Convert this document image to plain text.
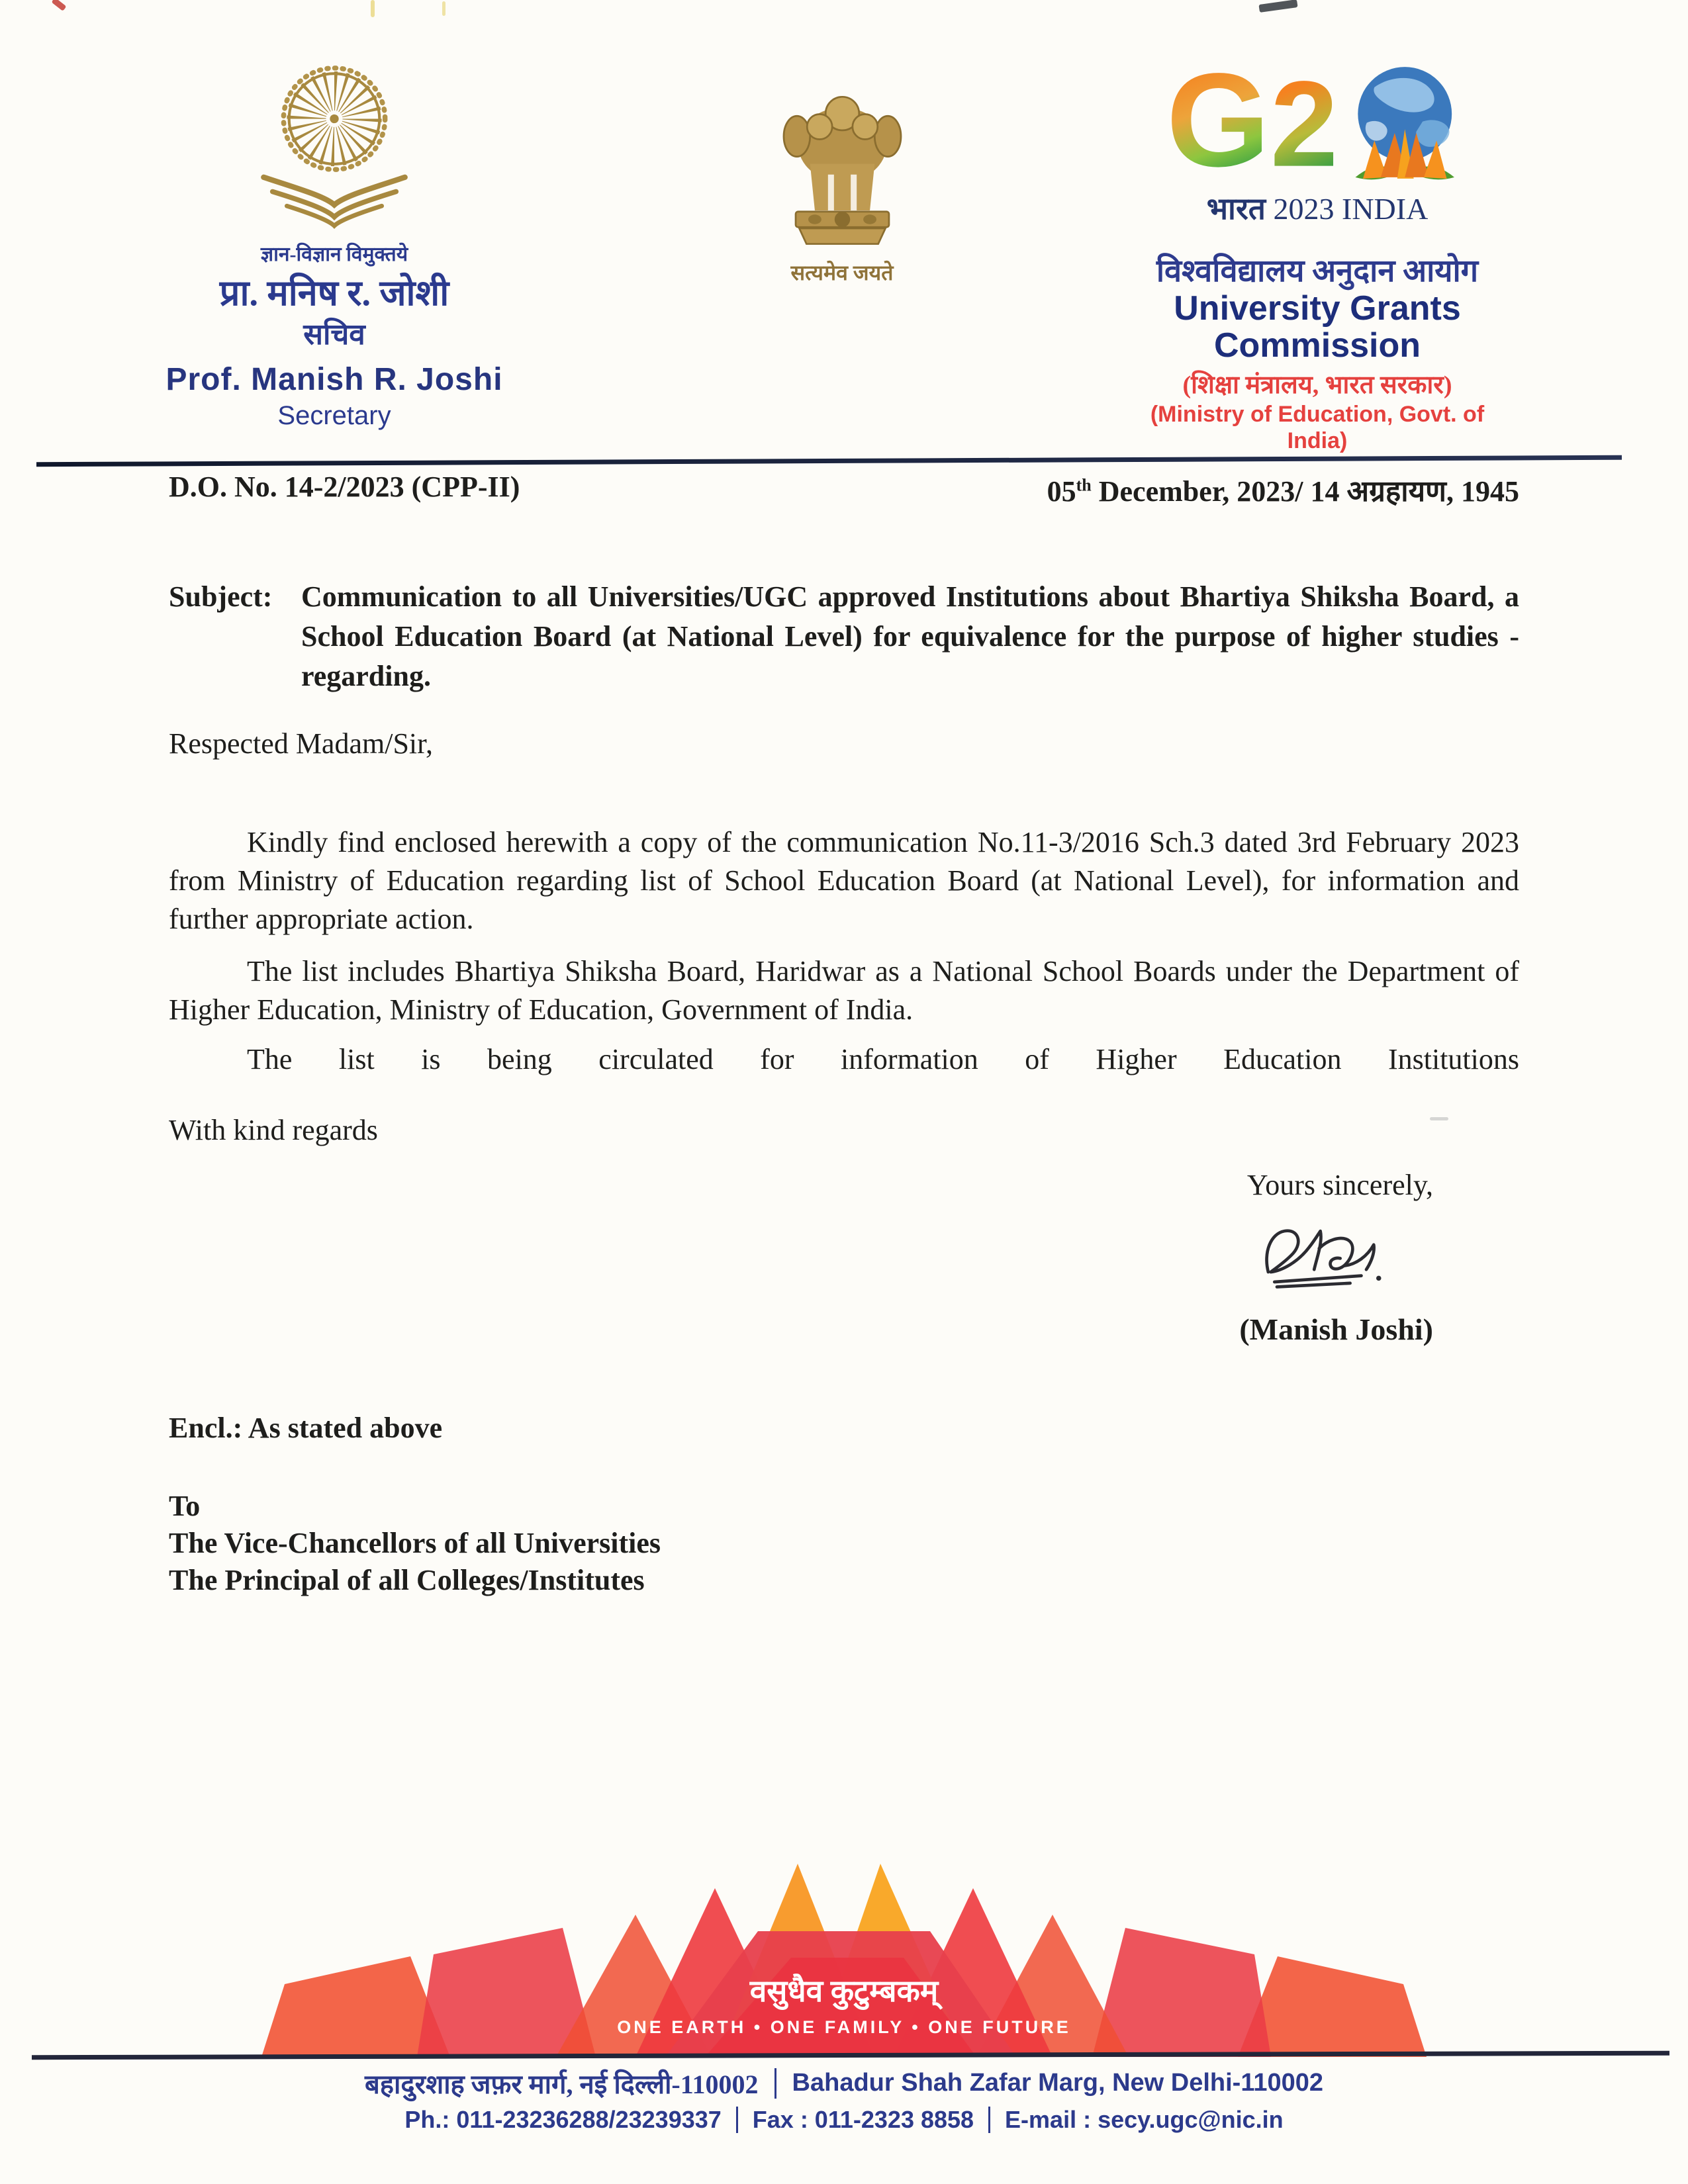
ज्ञान-विज्ञान विमुक्तये
प्रा. मनिष र. जोशी
सचिव
Prof. Manish R. Joshi
Secretary
सत्यमेव जयते
G 2
भारत 2023 INDIA
विश्वविद्यालय अनुदान आयोग
University Grants Commission
(शिक्षा मंत्रालय, भारत सरकार)
(Ministry of Education, Govt. of India)
D.O. No. 14-2/2023 (CPP-II)	05th December, 2023/ 14 अग्रहायण, 1945
Subject: Communication to all Universities/UGC approved Institutions about Bhartiya Shiksha Board, a School Education Board (at National Level) for equivalence for the purpose of higher studies - regarding.
Respected Madam/Sir,

Kindly find enclosed herewith a copy of the communication No.11-3/2016 Sch.3 dated 3rd February 2023 from Ministry of Education regarding list of School Education Board (at National Level), for information and further appropriate action.

The list includes Bhartiya Shiksha Board, Haridwar as a National School Boards under the Department of Higher Education, Ministry of Education, Government of India.

The list is being circulated for information of Higher Education Institutions

With kind regards
Yours sincerely,
(Manish Joshi)
Encl.: As stated above
To
The Vice-Chancellors of all Universities
The Principal of all Colleges/Institutes
वसुधैव कुटुम्बकम्
ONE EARTH • ONE FAMILY • ONE FUTURE
बहादुरशाह जफ़र मार्ग, नई दिल्ली-110002 Bahadur Shah Zafar Marg, New Delhi-110002
Ph.: 011-23236288/23239337 Fax : 011-2323 8858 E-mail : secy.ugc@nic.in
